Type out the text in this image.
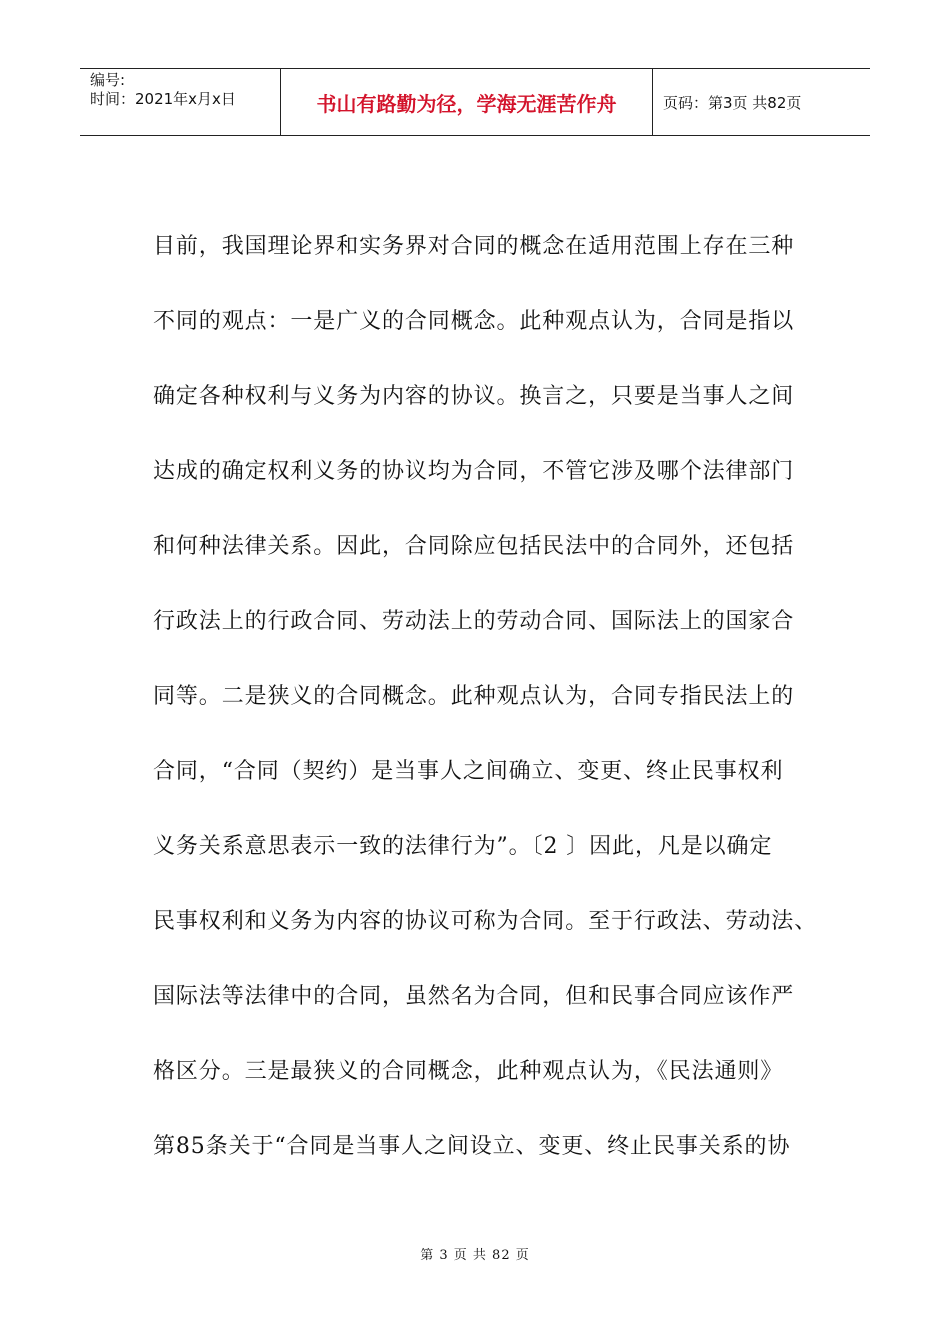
编号:
时间：2021年x月x日	书山有路勤为径，学海无涯苦作舟	页码：第3页 共82页
目前，我国理论界和实务界对合同的概念在适用范围上存在三种
不同的观点：一是广义的合同概念。此种观点认为，合同是指以
确定各种权利与义务为内容的协议。换言之，只要是当事人之间
达成的确定权利义务的协议均为合同，不管它涉及哪个法律部门
和何种法律关系。因此，合同除应包括民法中的合同外，还包括
行政法上的行政合同、劳动法上的劳动合同、国际法上的国家合
同等。二是狭义的合同概念。此种观点认为，合同专指民法上的
合同，“合同（契约）是当事人之间确立、变更、终止民事权利
义务关系意思表示一致的法律行为”。〔2 〕因此，凡是以确定
民事权利和义务为内容的协议可称为合同。至于行政法、劳动法、
国际法等法律中的合同，虽然名为合同，但和民事合同应该作严
格区分。三是最狭义的合同概念，此种观点认为，《民法通则》
第85条关于“合同是当事人之间设立、变更、终止民事关系的协
第 3 页 共 82 页
